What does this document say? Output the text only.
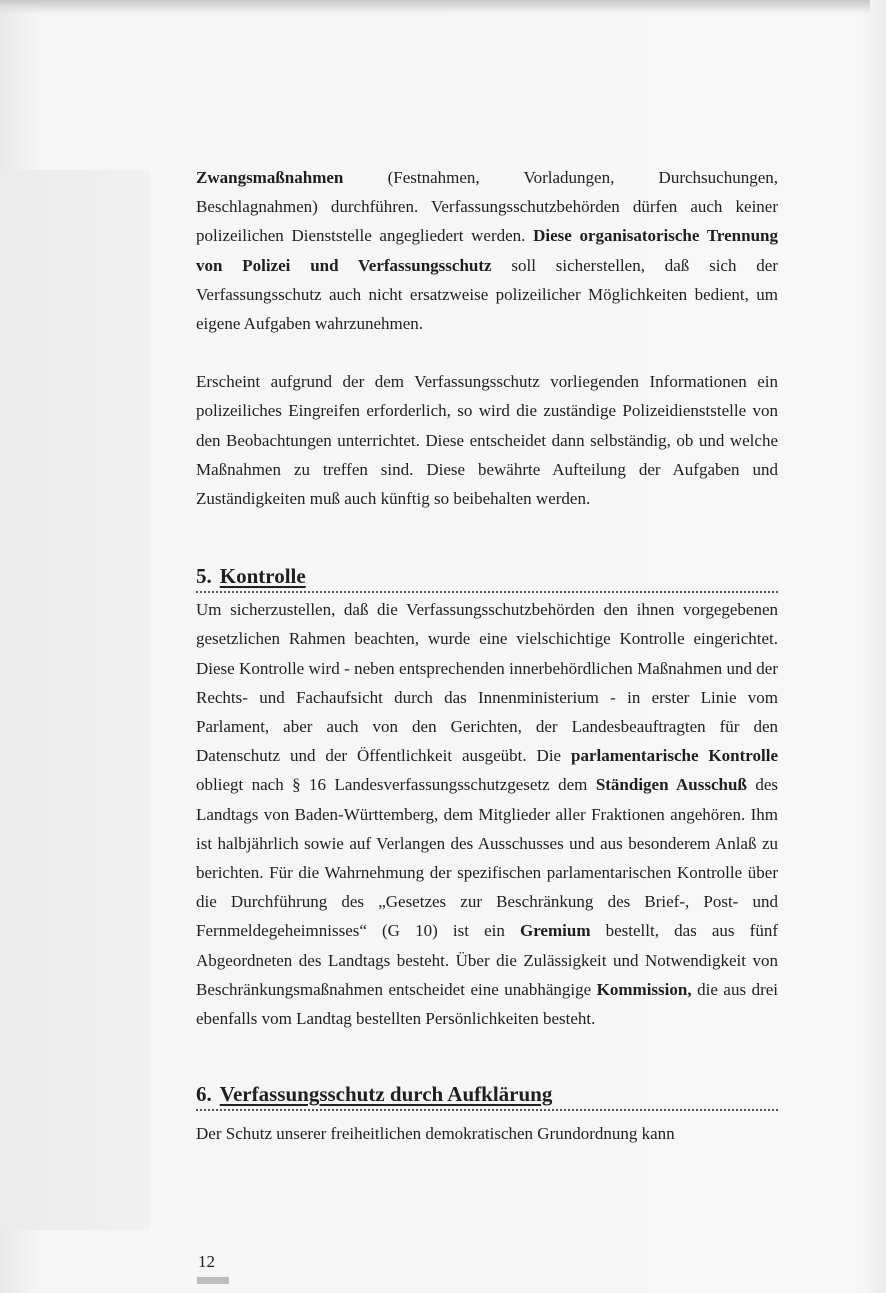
Zwangsmaßnahmen (Festnahmen, Vorladungen, Durchsuchungen, Beschlagnahmen) durchführen. Verfassungsschutzbehörden dürfen auch keiner polizeilichen Dienststelle angegliedert werden. Diese organisatorische Trennung von Polizei und Verfassungsschutz soll sicherstellen, daß sich der Verfassungsschutz auch nicht ersatzweise polizeilicher Möglichkeiten bedient, um eigene Aufgaben wahrzunehmen.

Erscheint aufgrund der dem Verfassungsschutz vorliegenden Informationen ein polizeiliches Eingreifen erforderlich, so wird die zuständige Polizeidienststelle von den Beobachtungen unterrichtet. Diese entscheidet dann selbständig, ob und welche Maßnahmen zu treffen sind. Diese bewährte Aufteilung der Aufgaben und Zuständigkeiten muß auch künftig so beibehalten werden.

5. Kontrolle

Um sicherzustellen, daß die Verfassungsschutzbehörden den ihnen vorgegebenen gesetzlichen Rahmen beachten, wurde eine vielschichtige Kontrolle eingerichtet. Diese Kontrolle wird - neben entsprechenden innerbehördlichen Maßnahmen und der Rechts- und Fachaufsicht durch das Innenministerium - in erster Linie vom Parlament, aber auch von den Gerichten, der Landesbeauftragten für den Datenschutz und der Öffentlichkeit ausgeübt. Die parlamentarische Kontrolle obliegt nach § 16 Landesverfassungsschutzgesetz dem Ständigen Ausschuß des Landtags von Baden-Württemberg, dem Mitglieder aller Fraktionen angehören. Ihm ist halbjährlich sowie auf Verlangen des Ausschusses und aus besonderem Anlaß zu berichten. Für die Wahrnehmung der spezifischen parlamentarischen Kontrolle über die Durchführung des „Gesetzes zur Beschränkung des Brief-, Post- und Fernmeldegeheimnisses“ (G 10) ist ein Gremium bestellt, das aus fünf Abgeordneten des Landtags besteht. Über die Zulässigkeit und Notwendigkeit von Beschränkungsmaßnahmen entscheidet eine unabhängige Kommission, die aus drei ebenfalls vom Landtag bestellten Persönlichkeiten besteht.

6. Verfassungsschutz durch Aufklärung

Der Schutz unserer freiheitlichen demokratischen Grundordnung kann

12
